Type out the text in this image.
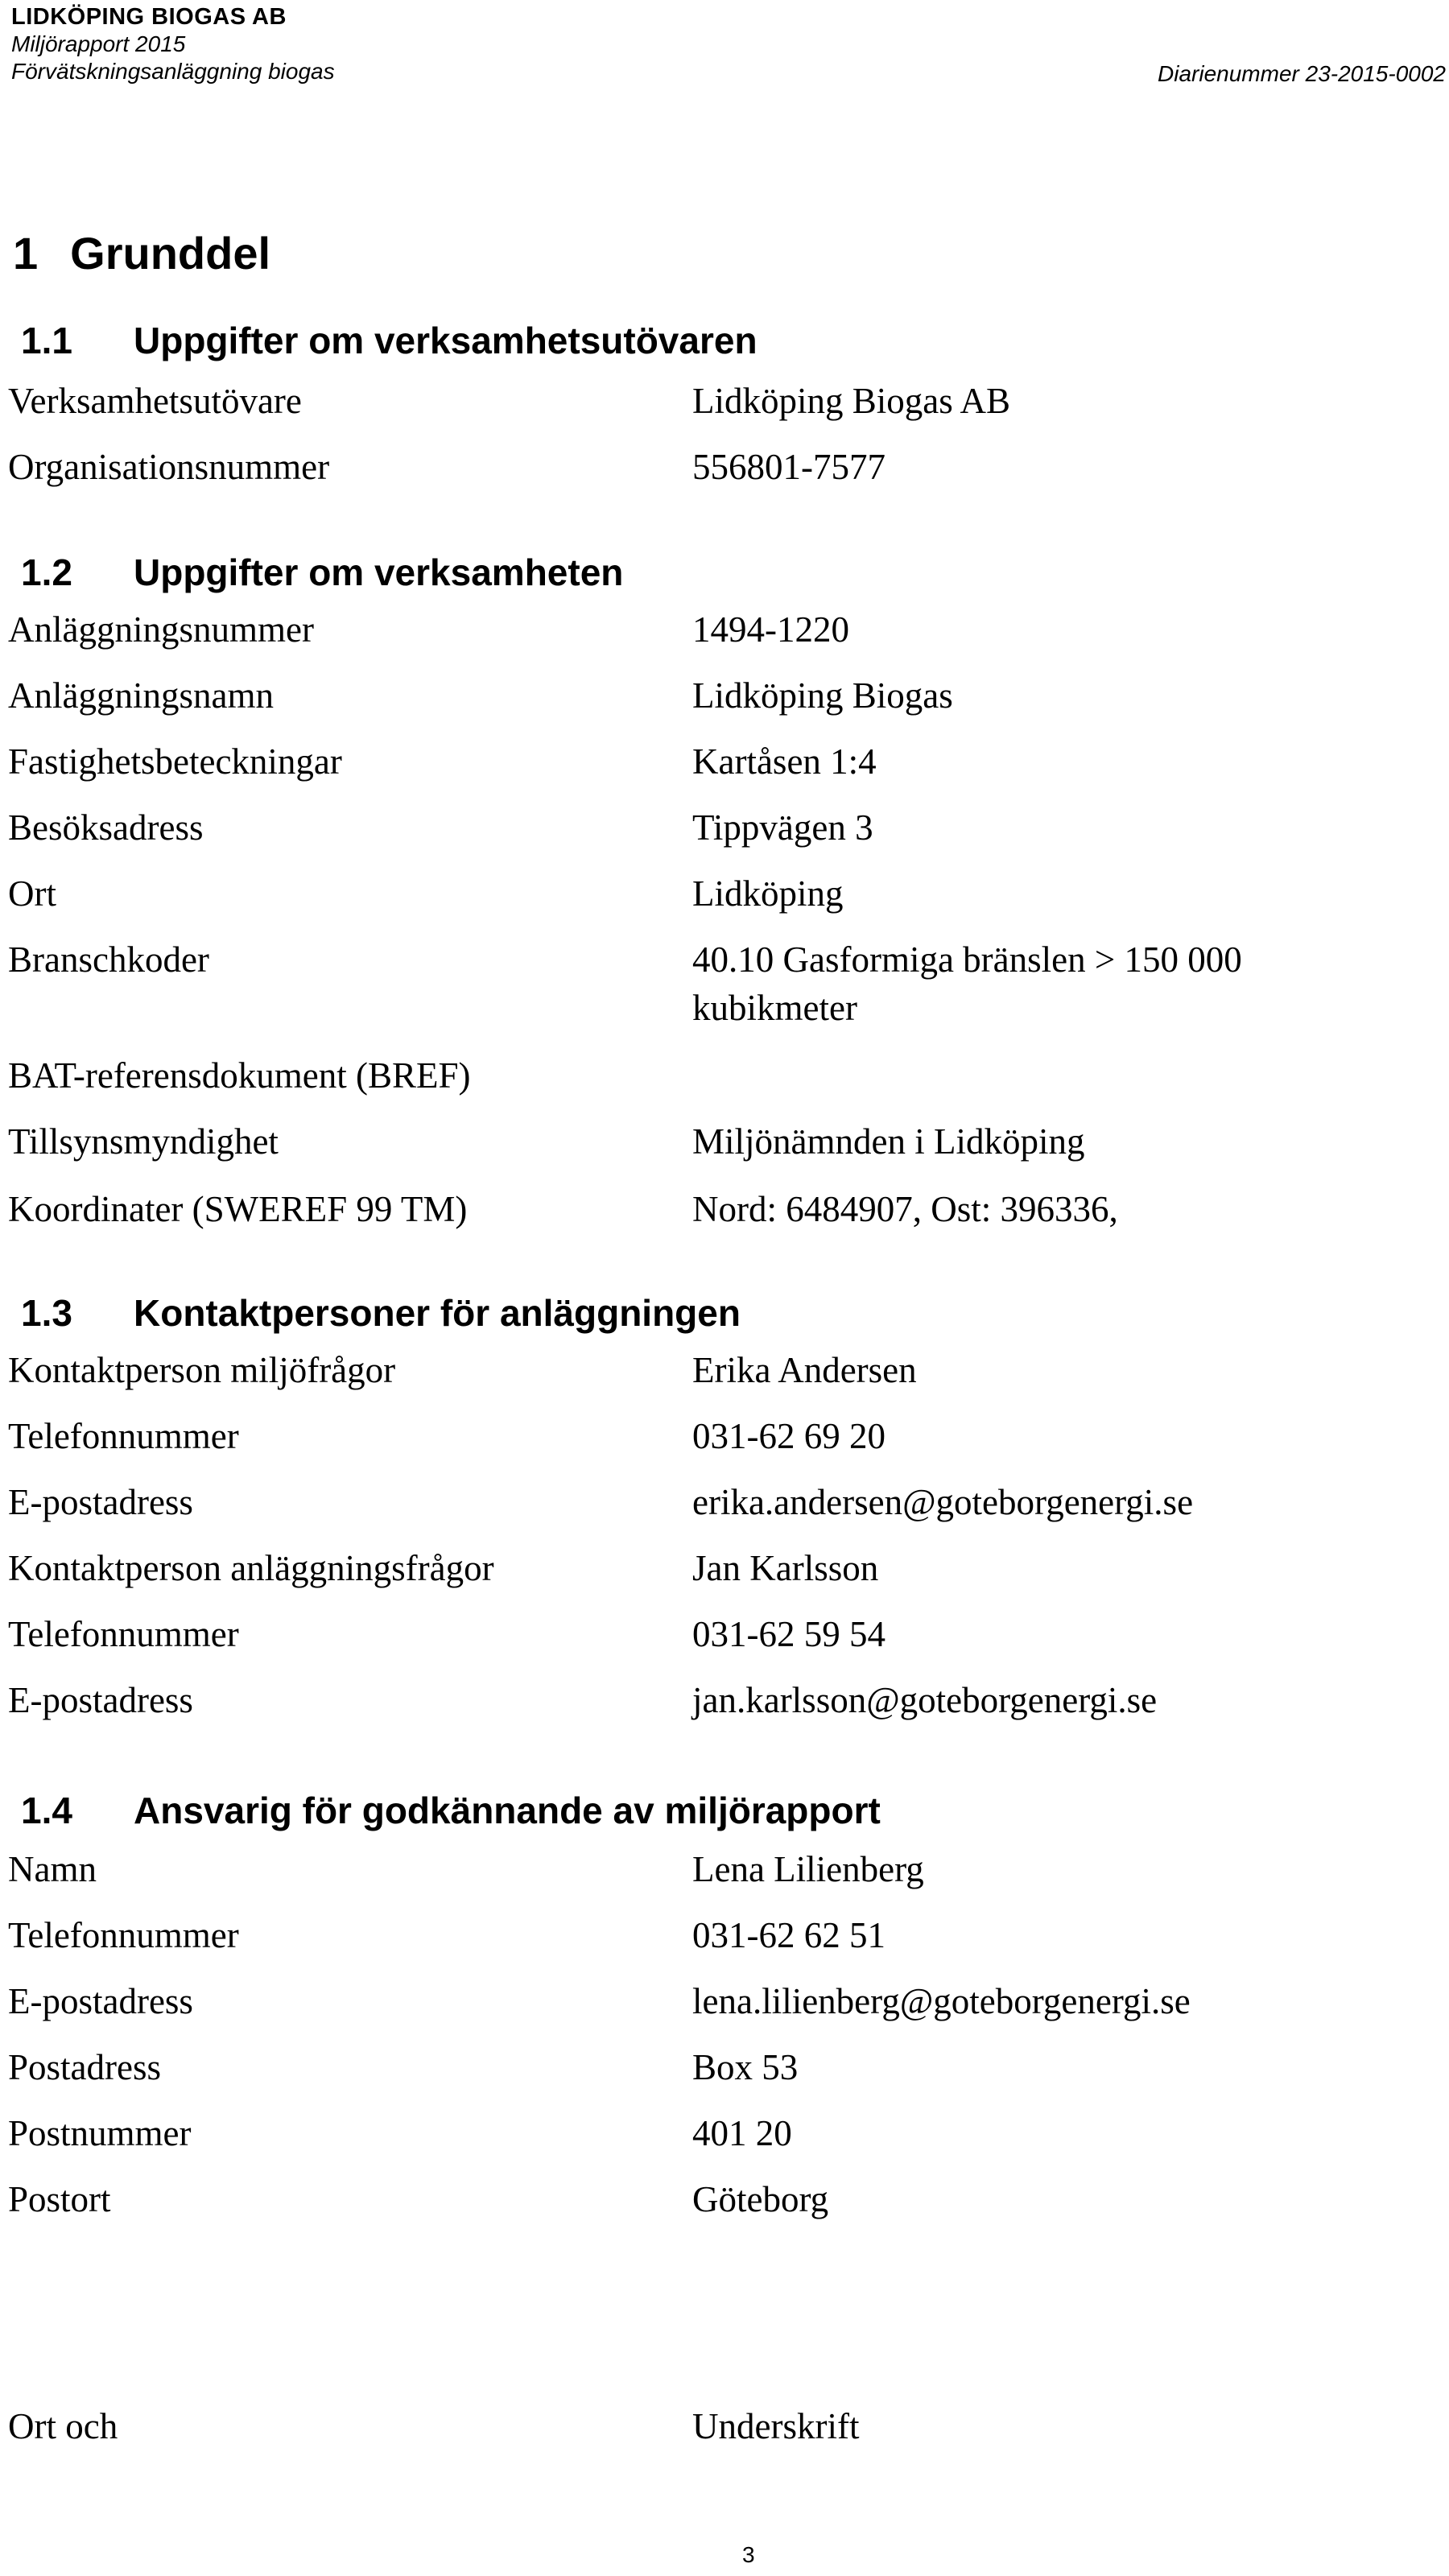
LIDKÖPING BIOGAS AB
Miljörapport 2015
Förvätskningsanläggning biogas	Diarienummer 23-2015-0002
1 Grunddel
1.1 Uppgifter om verksamhetsutövaren
Verksamhetsutövare	Lidköping Biogas AB
Organisationsnummer	556801-7577
1.2 Uppgifter om verksamheten
Anläggningsnummer	1494-1220
Anläggningsnamn	Lidköping Biogas
Fastighetsbeteckningar	Kartåsen 1:4
Besöksadress	Tippvägen 3
Ort	Lidköping
Branschkoder	40.10 Gasformiga bränslen > 150 000 kubikmeter
BAT-referensdokument (BREF)
Tillsynsmyndighet	Miljönämnden i Lidköping
Koordinater (SWEREF 99 TM)	Nord: 6484907, Ost: 396336,
1.3 Kontaktpersoner för anläggningen
Kontaktperson miljöfrågor	Erika Andersen
Telefonnummer	031-62 69 20
E-postadress	erika.andersen@goteborgenergi.se
Kontaktperson anläggningsfrågor	Jan Karlsson
Telefonnummer	031-62 59 54
E-postadress	jan.karlsson@goteborgenergi.se
1.4 Ansvarig för godkännande av miljörapport
Namn	Lena Lilienberg
Telefonnummer	031-62 62 51
E-postadress	lena.lilienberg@goteborgenergi.se
Postadress	Box 53
Postnummer	401 20
Postort	Göteborg
Ort och	Underskrift
3
